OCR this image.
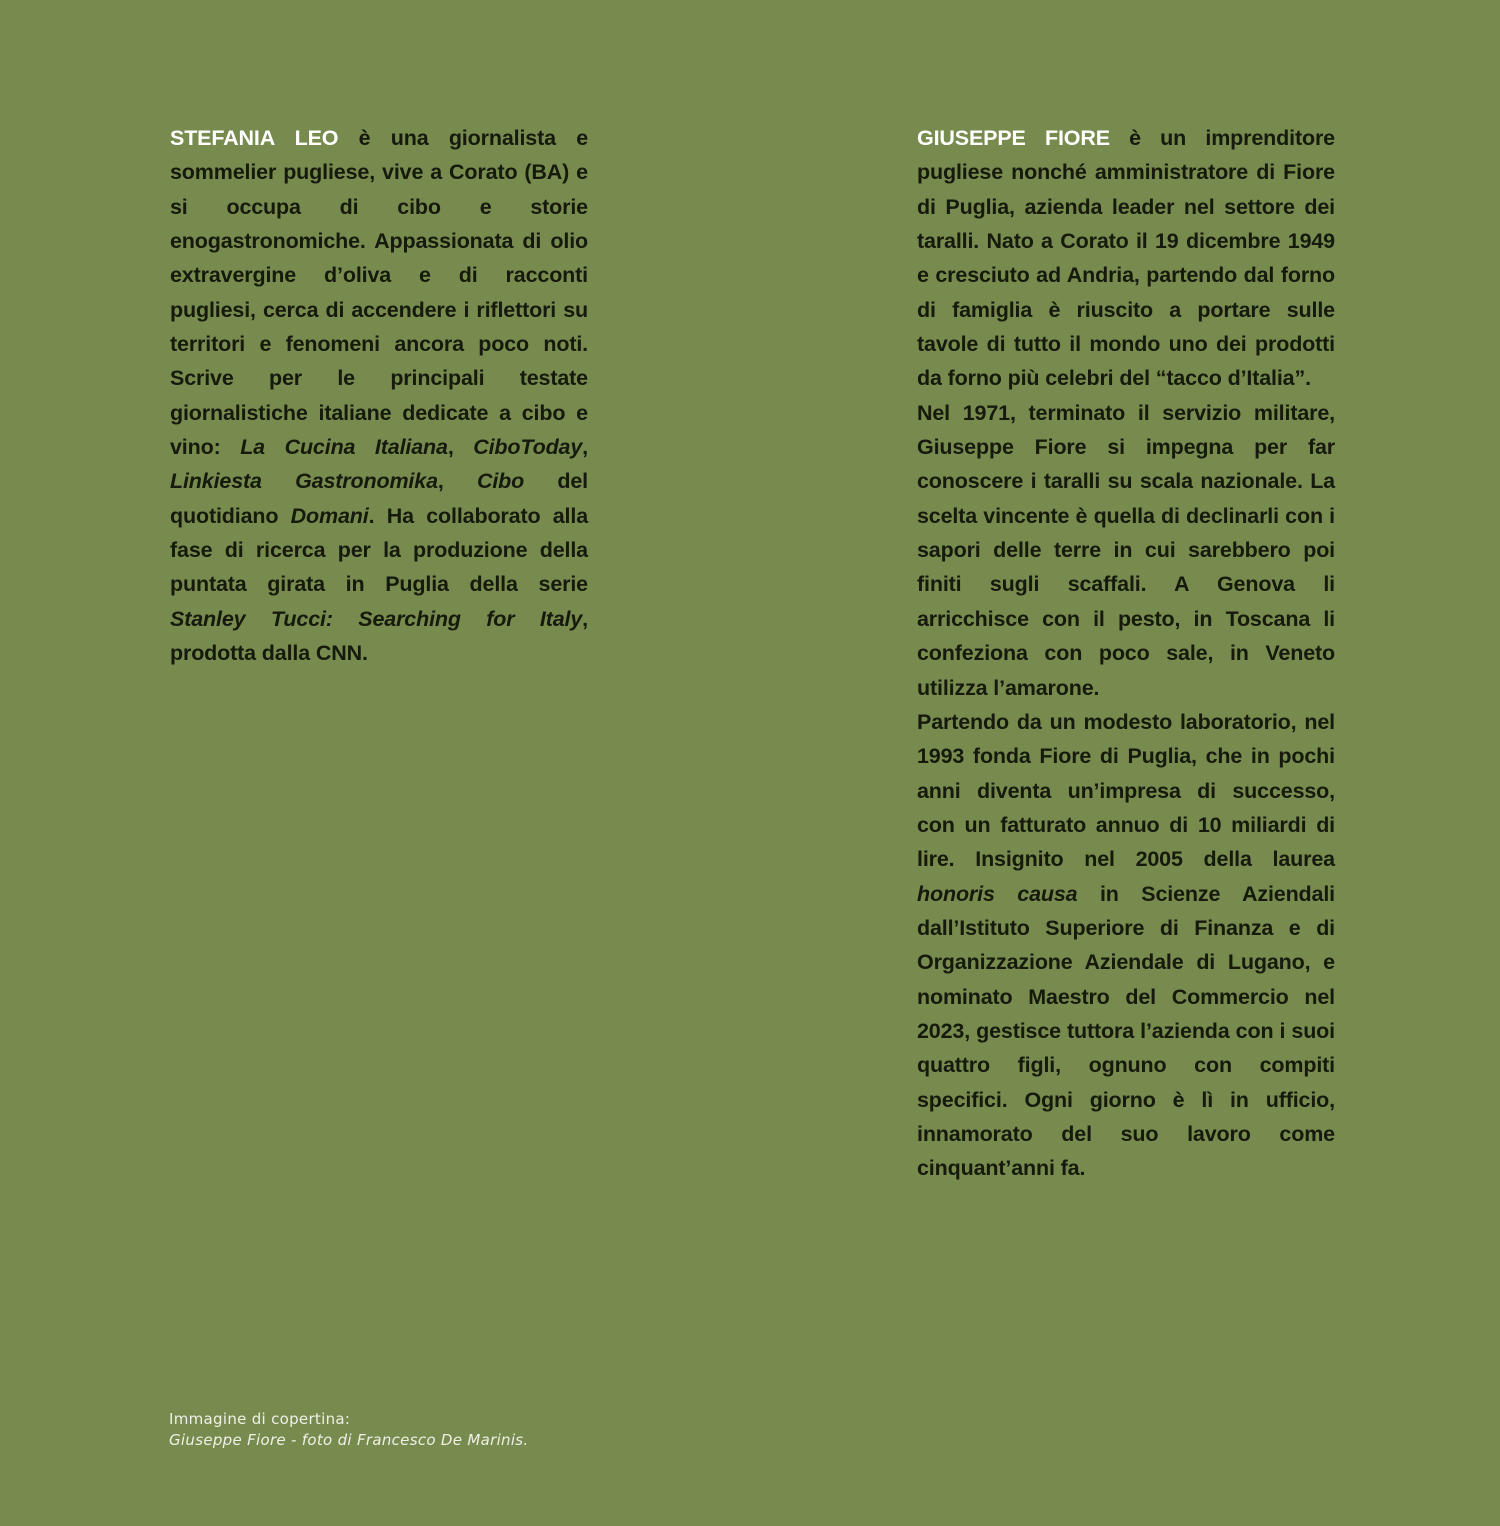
STEFANIA LEO è una giornalista e sommelier pugliese, vive a Corato (BA) e si occupa di cibo e storie enogastronomiche. Appassionata di olio extravergine d’oliva e di racconti pugliesi, cerca di accendere i riflettori su territori e fenomeni ancora poco noti. Scrive per le principali testate giornalistiche italiane dedicate a cibo e vino: La Cucina Italiana, CiboToday, Linkiesta Gastronomika, Cibo del quotidiano Domani. Ha collaborato alla fase di ricerca per la produzione della puntata girata in Puglia della serie Stanley Tucci: Searching for Italy, prodotta dalla CNN.

GIUSEPPE FIORE è un imprenditore pugliese nonché amministratore di Fiore di Puglia, azienda leader nel settore dei taralli. Nato a Corato il 19 dicembre 1949 e cresciuto ad Andria, partendo dal forno di famiglia è riuscito a portare sulle tavole di tutto il mondo uno dei prodotti da forno più celebri del “tacco d’Italia”.

Nel 1971, terminato il servizio militare, Giuseppe Fiore si impegna per far conoscere i taralli su scala nazionale. La scelta vincente è quella di declinarli con i sapori delle terre in cui sarebbero poi finiti sugli scaffali. A Genova li arricchisce con il pesto, in Toscana li confeziona con poco sale, in Veneto utilizza l’amarone.

Partendo da un modesto laboratorio, nel 1993 fonda Fiore di Puglia, che in pochi anni diventa un’impresa di successo, con un fatturato annuo di 10 miliardi di lire. Insignito nel 2005 della laurea honoris causa in Scienze Aziendali dall’Istituto Superiore di Finanza e di Organizzazione Aziendale di Lugano, e nominato Maestro del Commercio nel 2023, gestisce tuttora l’azienda con i suoi quattro figli, ognuno con compiti specifici. Ogni giorno è lì in ufficio, innamorato del suo lavoro come cinquant’anni fa.

Immagine di copertina:
Giuseppe Fiore - foto di Francesco De Marinis.
